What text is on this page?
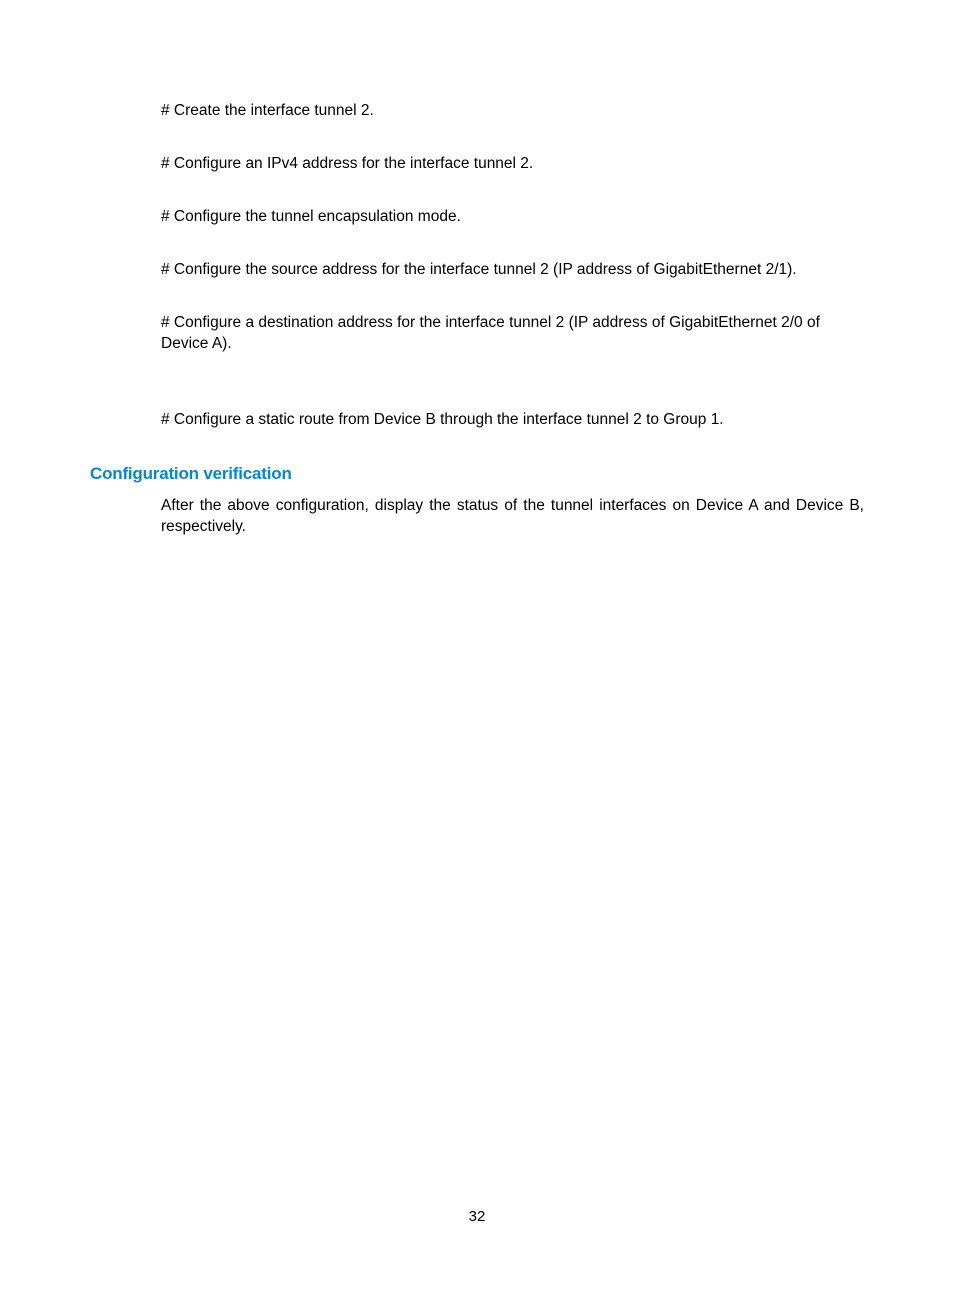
# Create the interface tunnel 2.

# Configure an IPv4 address for the interface tunnel 2.

# Configure the tunnel encapsulation mode.

# Configure the source address for the interface tunnel 2 (IP address of GigabitEthernet 2/1).

# Configure a destination address for the interface tunnel 2 (IP address of GigabitEthernet 2/0 of Device A).

# Configure a static route from Device B through the interface tunnel 2 to Group 1.

Configuration verification

After the above configuration, display the status of the tunnel interfaces on Device A and Device B, respectively.

32
